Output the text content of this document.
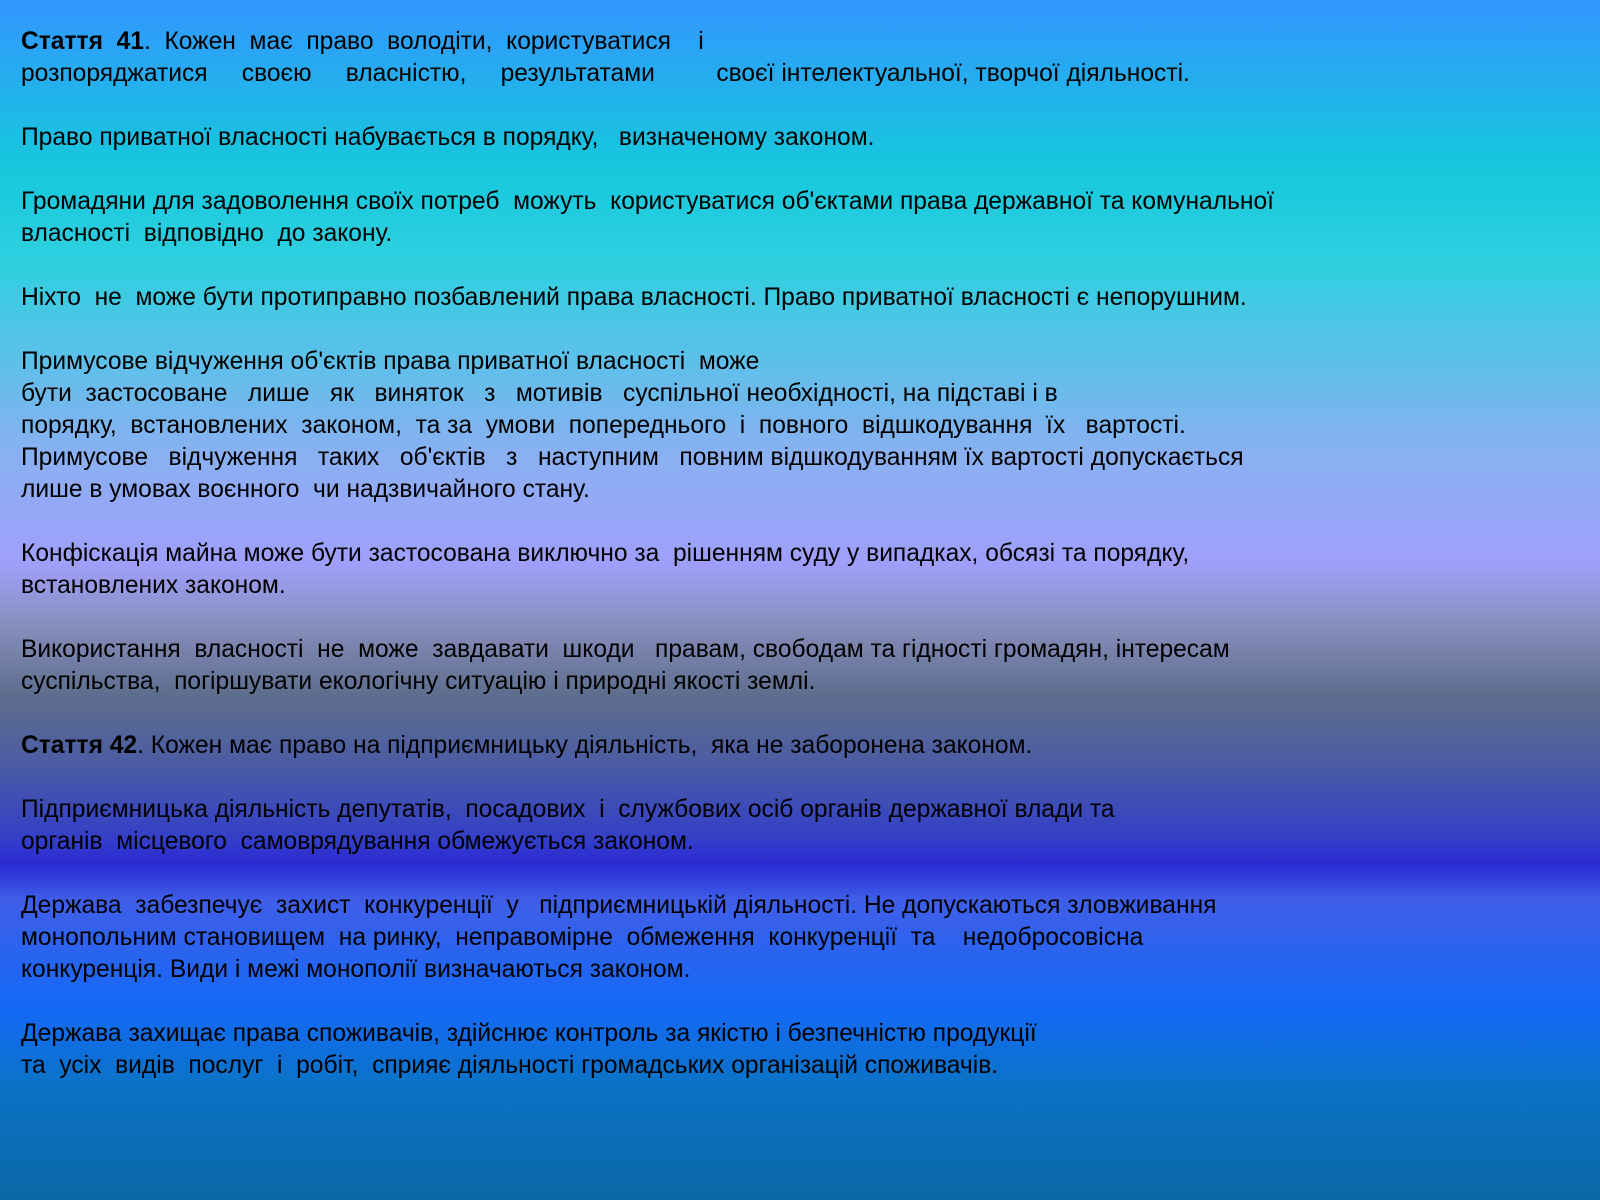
Стаття  41.  Кожен  має  право  володіти,  користуватися    і
розпоряджатися     своєю     власністю,     результатами         своєї інтелектуальної, творчої діяльності.
Право приватної власності набувається в порядку,   визначеному законом.
Громадяни для задоволення своїх потреб  можуть  користуватися об'єктами права державної та комунальної
власності  відповідно  до закону.
Ніхто  не  може бути протиправно позбавлений права власності. Право приватної власності є непорушним.
Примусове відчуження об'єктів права приватної власності  може
бути  застосоване   лише   як   виняток   з   мотивів   суспільної необхідності, на підставі і в
порядку,  встановлених  законом,  та за  умови  попереднього  і  повного  відшкодування  їх   вартості.
Примусове   відчуження   таких   об'єктів   з   наступним   повним відшкодуванням їх вартості допускається
лише в умовах воєнного  чи надзвичайного стану.
Конфіскація майна може бути застосована виключно за  рішенням суду у випадках, обсязі та порядку,
встановлених законом.
Використання  власності  не  може  завдавати  шкоди   правам, свободам та гідності громадян, інтересам
суспільства,  погіршувати екологічну ситуацію і природні якості землі.
Стаття 42. Кожен має право на підприємницьку діяльність,  яка не заборонена законом.
Підприємницька діяльність депутатів,  посадових  і  службових осіб органів державної влади та
органів  місцевого  самоврядування обмежується законом.
Держава  забезпечує  захист  конкуренції  у   підприємницькій діяльності. Не допускаються зловживання
монопольним становищем  на ринку,  неправомірне  обмеження  конкуренції  та    недобросовісна
конкуренція. Види і межі монополії визначаються законом.
Держава захищає права споживачів, здійснює контроль за якістю і безпечністю продукції
та  усіх  видів  послуг  і  робіт,  сприяє діяльності громадських організацій споживачів.
